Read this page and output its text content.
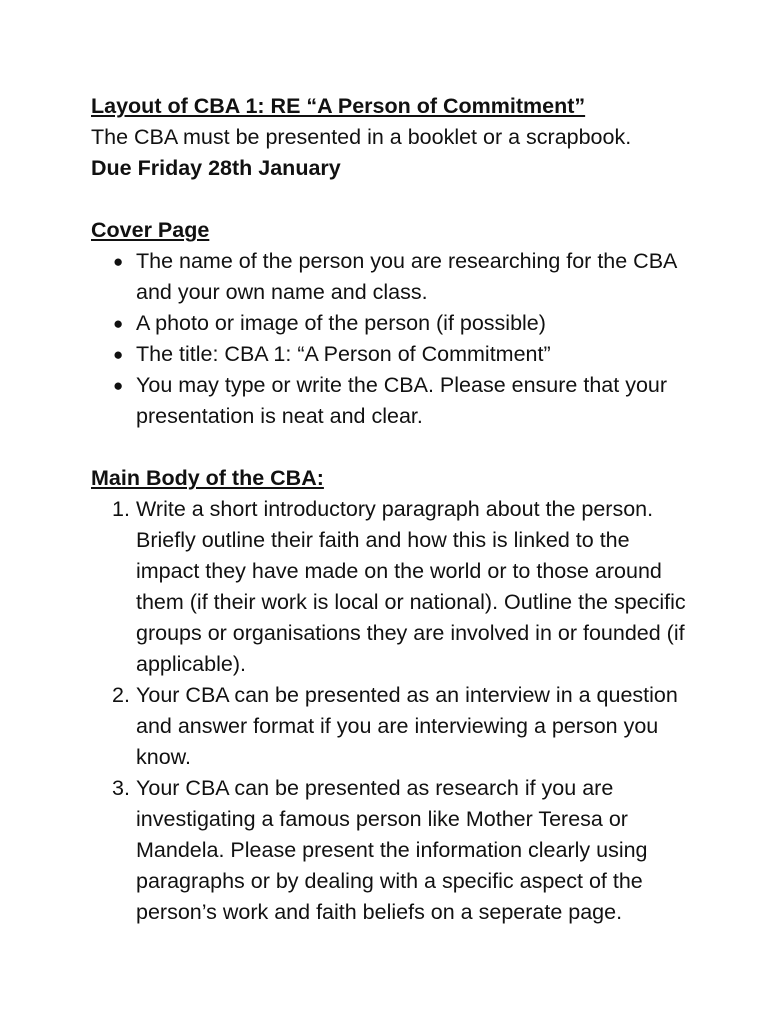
Layout of CBA 1: RE “A Person of Commitment”
The CBA must be presented in a booklet or a scrapbook.
Due Friday 28th January
Cover Page
● The name of the person you are researching for the CBA and your own name and class.
● A photo or image of the person (if possible)
● The title: CBA 1: “A Person of Commitment”
● You may type or write the CBA. Please ensure that your presentation is neat and clear.
Main Body of the CBA:
1. Write a short introductory paragraph about the person. Briefly outline their faith and how this is linked to the impact they have made on the world or to those around them (if their work is local or national). Outline the specific groups or organisations they are involved in or founded (if applicable).
2. Your CBA can be presented as an interview in a question and answer format if you are interviewing a person you know.
3. Your CBA can be presented as research if you are investigating a famous person like Mother Teresa or Mandela. Please present the information clearly using paragraphs or by dealing with a specific aspect of the person’s work and faith beliefs on a seperate page.
